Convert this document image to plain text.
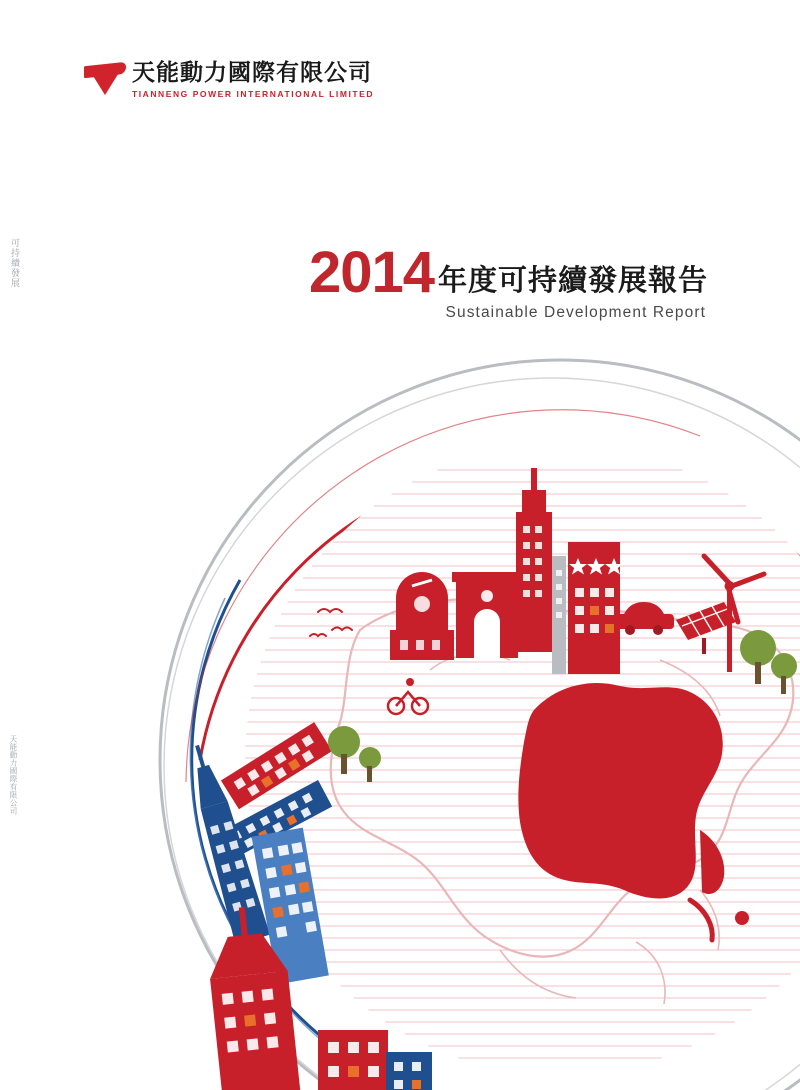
天能動力國際有限公司
TIANNENG POWER INTERNATIONAL LIMITED
可持續發展
天能動力國際有限公司
2014 年度可持續發展報告
Sustainable Development Report
